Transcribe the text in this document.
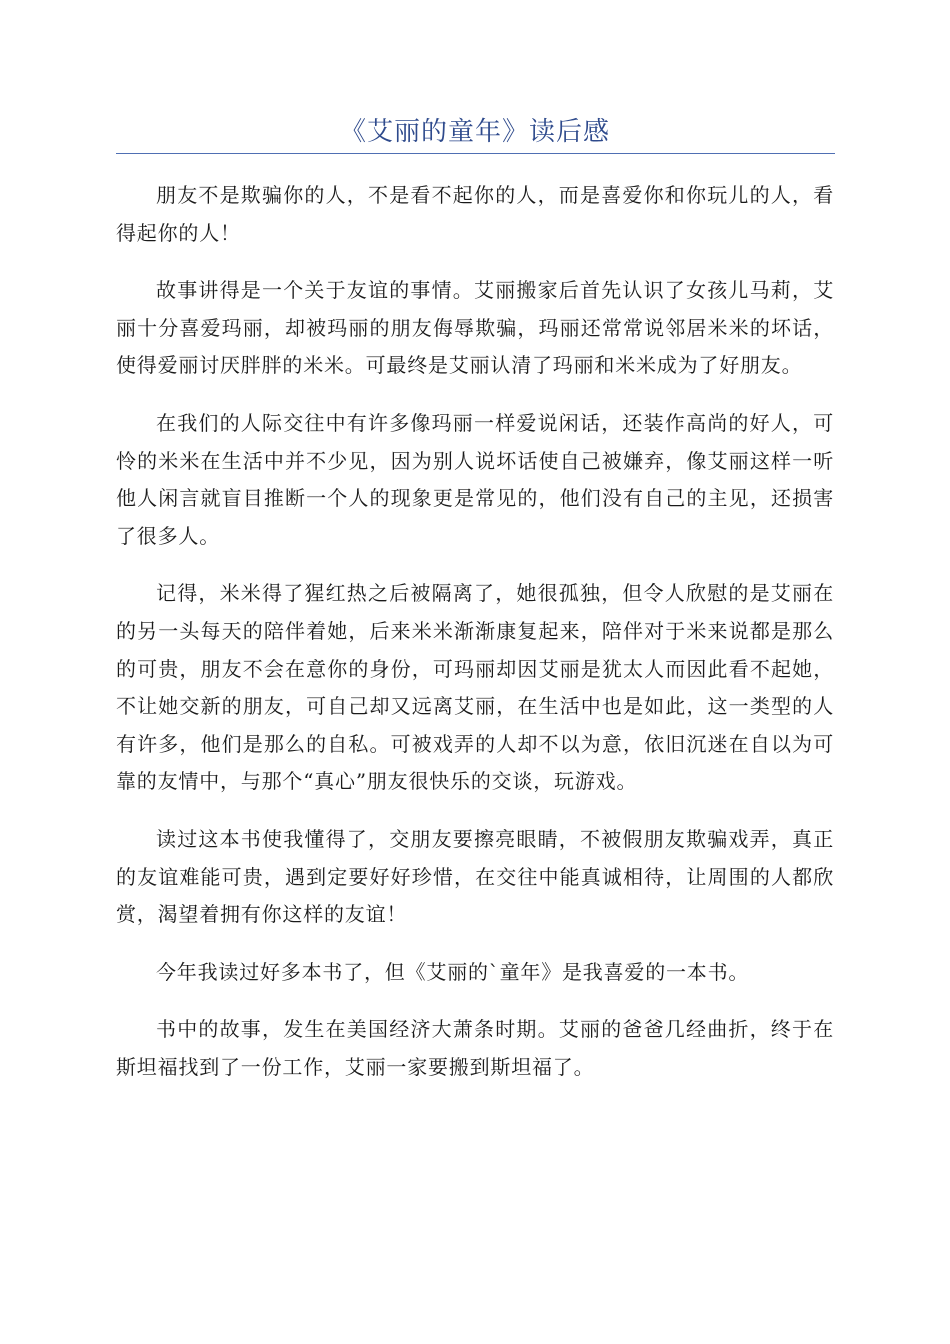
《艾丽的童年》读后感

朋友不是欺骗你的人，不是看不起你的人，而是喜爱你和你玩儿的人，看得起你的人！

故事讲得是一个关于友谊的事情。艾丽搬家后首先认识了女孩儿马莉，艾丽十分喜爱玛丽，却被玛丽的朋友侮辱欺骗，玛丽还常常说邻居米米的坏话，使得爱丽讨厌胖胖的米米。可最终是艾丽认清了玛丽和米米成为了好朋友。

在我们的人际交往中有许多像玛丽一样爱说闲话，还装作高尚的好人，可怜的米米在生活中并不少见，因为别人说坏话使自己被嫌弃，像艾丽这样一听他人闲言就盲目推断一个人的现象更是常见的，他们没有自己的主见，还损害了很多人。

记得，米米得了猩红热之后被隔离了，她很孤独，但令人欣慰的是艾丽在的另一头每天的陪伴着她，后来米米渐渐康复起来，陪伴对于米来说都是那么的可贵，朋友不会在意你的身份，可玛丽却因艾丽是犹太人而因此看不起她，不让她交新的朋友，可自己却又远离艾丽，在生活中也是如此，这一类型的人有许多，他们是那么的自私。可被戏弄的人却不以为意，依旧沉迷在自以为可靠的友情中，与那个“真心”朋友很快乐的交谈，玩游戏。

读过这本书使我懂得了，交朋友要擦亮眼睛，不被假朋友欺骗戏弄，真正的友谊难能可贵，遇到定要好好珍惜，在交往中能真诚相待，让周围的人都欣赏，渴望着拥有你这样的友谊！

今年我读过好多本书了，但《艾丽的`童年》是我喜爱的一本书。

书中的故事，发生在美国经济大萧条时期。艾丽的爸爸几经曲折，终于在斯坦福找到了一份工作，艾丽一家要搬到斯坦福了。
